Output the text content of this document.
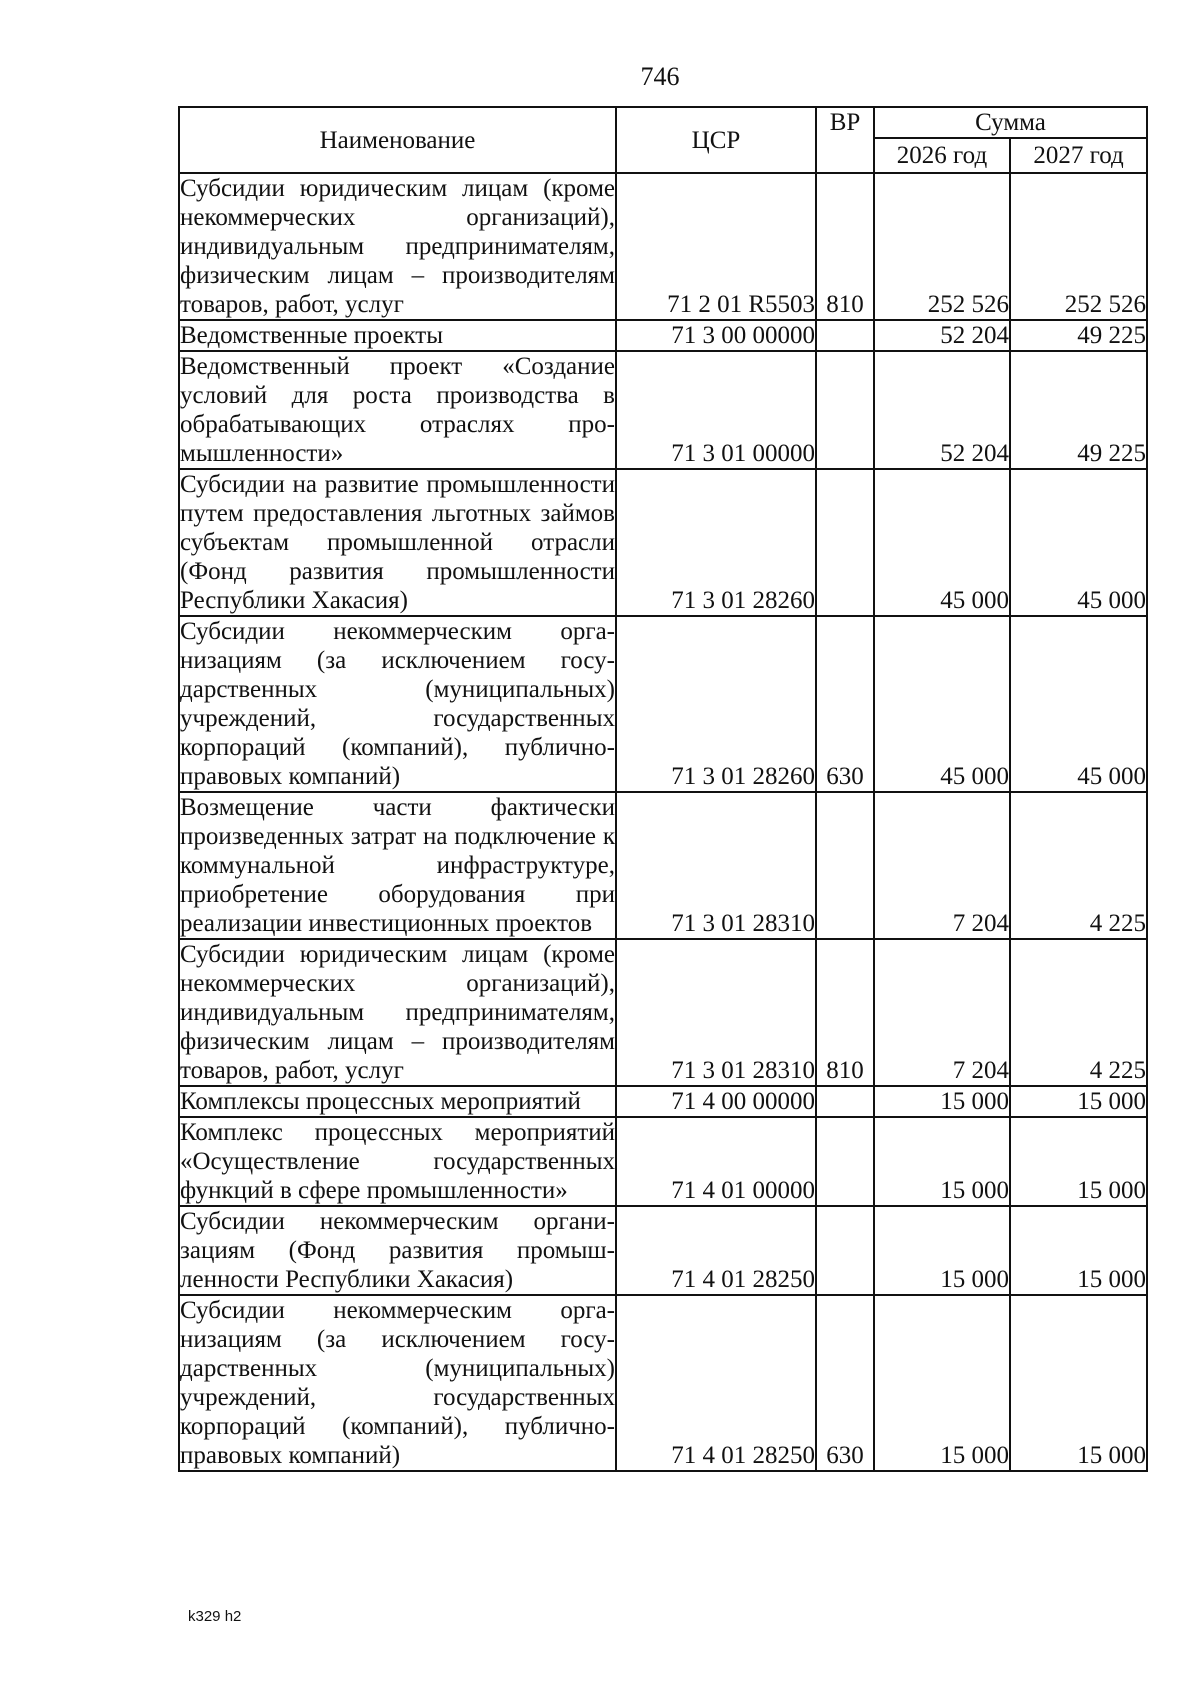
746
Наименование	ЦСР	ВР	Сумма	
			2026 год	2027 год
Субсидии юридическим лицам (кроме некоммерческих организаций), индивидуальным предпринимателям, физическим лицам – производителям товаров, работ, услуг	71 2 01 R5503	810	252 526	252 526
Ведомственные проекты	71 3 00 00000		52 204	49 225
Ведомственный проект «Создание условий для роста производства в обрабатывающих отраслях промышленности»	71 3 01 00000		52 204	49 225
Субсидии на развитие промышленности путем предоставления льготных займов субъектам промышленной отрасли (Фонд развития промышленности Республики Хакасия)	71 3 01 28260		45 000	45 000
Субсидии некоммерческим организациям (за исключением государственных (муниципальных) учреждений, государственных корпораций (компаний), публично-правовых компаний)	71 3 01 28260	630	45 000	45 000
Возмещение части фактически произведенных затрат на подключение к коммунальной инфраструктуре, приобретение оборудования при реализации инвестиционных проектов	71 3 01 28310		7 204	4 225
Субсидии юридическим лицам (кроме некоммерческих организаций), индивидуальным предпринимателям, физическим лицам – производителям товаров, работ, услуг	71 3 01 28310	810	7 204	4 225
Комплексы процессных мероприятий	71 4 00 00000		15 000	15 000
Комплекс процессных мероприятий «Осуществление государственных функций в сфере промышленности»	71 4 01 00000		15 000	15 000
Субсидии некоммерческим организациям (Фонд развития промышленности Республики Хакасия)	71 4 01 28250		15 000	15 000
Субсидии некоммерческим организациям (за исключением государственных (муниципальных) учреждений, государственных корпораций (компаний), публично-правовых компаний)	71 4 01 28250	630	15 000	15 000
k329 h2
